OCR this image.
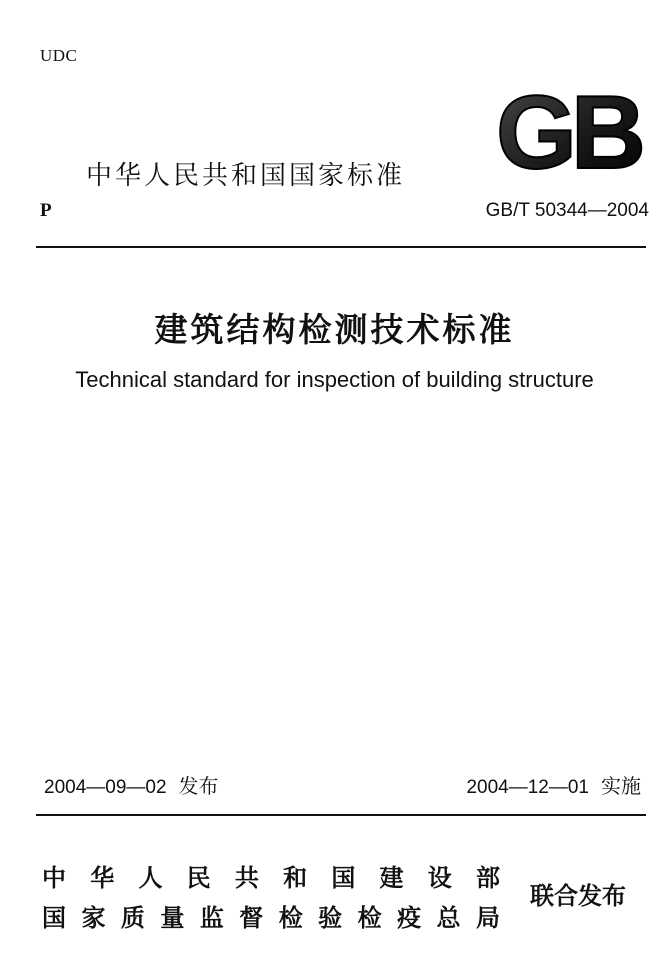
UDC
GB
中华人民共和国国家标准
P	GB/T 50344—2004
建筑结构检测技术标准
Technical standard for inspection of building structure
2004—09—02 发布	2004—12—01 实施
中 华 人 民 共 和 国 建 设 部
国 家 质 量 监 督 检 验 检 疫 总 局
联合发布
